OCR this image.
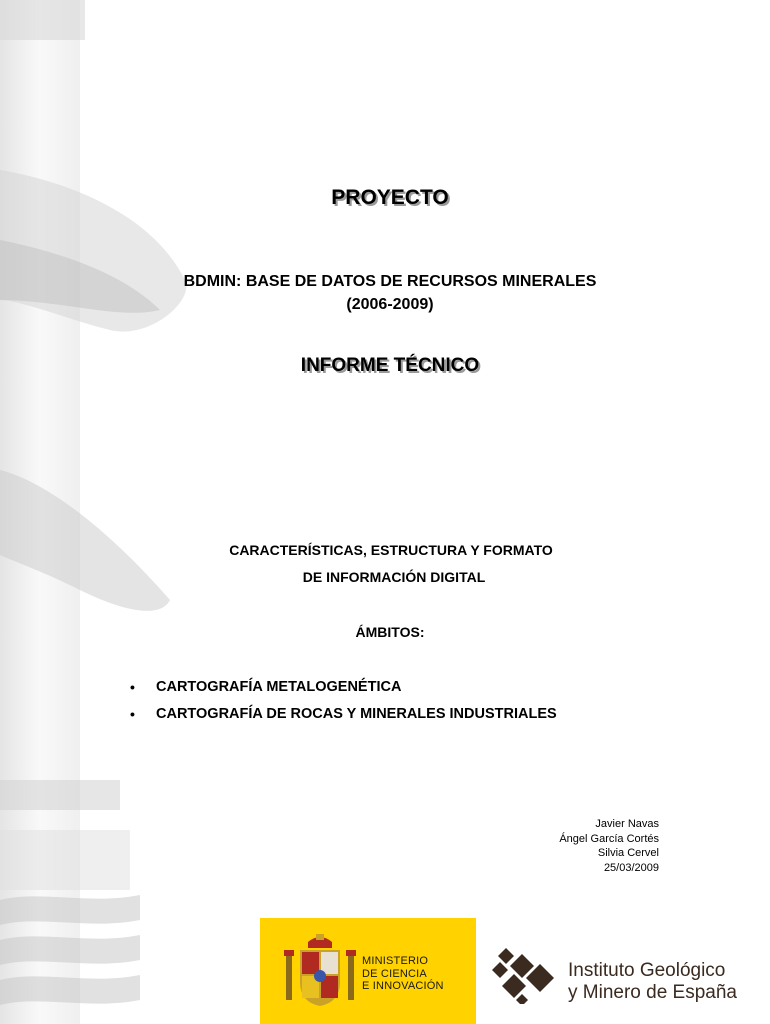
PROYECTO
BDMIN: BASE DE DATOS DE RECURSOS MINERALES
(2006-2009)
INFORME TÉCNICO
CARACTERÍSTICAS, ESTRUCTURA Y FORMATO
DE INFORMACIÓN DIGITAL
ÁMBITOS:
• CARTOGRAFÍA METALOGENÉTICA
• CARTOGRAFÍA DE ROCAS Y MINERALES INDUSTRIALES
Javier Navas
Ángel García Cortés
Silvia Cervel
25/03/2009
MINISTERIO
DE CIENCIA
E INNOVACIÓN
Instituto Geológico
y Minero de España
